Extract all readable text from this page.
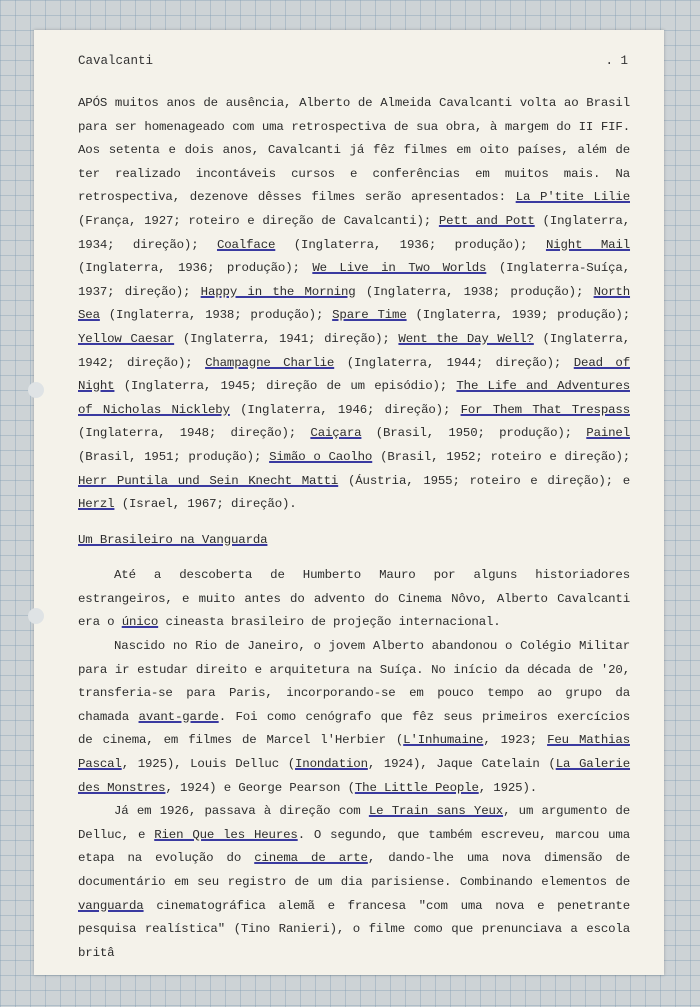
Cavalcanti	. 1

APÓS muitos anos de ausência, Alberto de Almeida Cavalcanti volta ao Brasil para ser homenageado com uma retrospectiva de sua obra, à margem do II FIF. Aos setenta e dois anos, Cavalcanti já fêz filmes em oito países, além de ter realizado incontáveis cursos e conferências em muitos mais. Na retrospectiva, dezenove dêsses filmes serão apresentados: La P'tite Lilie (França, 1927; roteiro e direção de Cavalcanti); Pett and Pott (Inglaterra, 1934; direção); Coalface (Inglaterra, 1936; produção); Night Mail (Inglaterra, 1936; produção); We Live in Two Worlds (Inglaterra-Suíça, 1937; direção); Happy in the Morning (Inglaterra, 1938; produção); North Sea (Inglaterra, 1938; produção); Spare Time (Inglaterra, 1939; produção); Yellow Caesar (Inglaterra, 1941; direção); Went the Day Well? (Inglaterra, 1942; direção); Champagne Charlie (Inglaterra, 1944; direção); Dead of Night (Inglaterra, 1945; direção de um episódio); The Life and Adventures of Nicholas Nickleby (Inglaterra, 1946; direção); For Them That Trespass (Inglaterra, 1948; direção); Caiçara (Brasil, 1950; produção); Painel (Brasil, 1951; produção); Simão o Caolho (Brasil, 1952; roteiro e direção); Herr Puntila und Sein Knecht Matti (Áustria, 1955; roteiro e direção); e Herzl (Israel, 1967; direção).

Um Brasileiro na Vanguarda

Até a descoberta de Humberto Mauro por alguns historiadores estrangeiros, e muito antes do advento do Cinema Nôvo, Alberto Cavalcanti era o único cineasta brasileiro de projeção internacional.

Nascido no Rio de Janeiro, o jovem Alberto abandonou o Colégio Militar para ir estudar direito e arquitetura na Suíça. No início da década de '20, transferia-se para Paris, incorporando-se em pouco tempo ao grupo da chamada avant-garde. Foi como cenógrafo que fêz seus primeiros exercícios de cinema, em filmes de Marcel l'Herbier (L'Inhumaine, 1923; Feu Mathias Pascal, 1925), Louis Delluc (Inondation, 1924), Jaque Catelain (La Galerie des Monstres, 1924) e George Pearson (The Little People, 1925).

Já em 1926, passava à direção com Le Train sans Yeux, um argumento de Delluc, e Rien Que les Heures. O segundo, que também escreveu, marcou uma etapa na evolução do cinema de arte, dando-lhe uma nova dimensão de documentário em seu registro de um dia parisiense. Combinando elementos de vanguarda cinematográfica alemã e francesa "com uma nova e penetrante pesquisa realística" (Tino Ranieri), o filme como que prenunciava a escola britâ
